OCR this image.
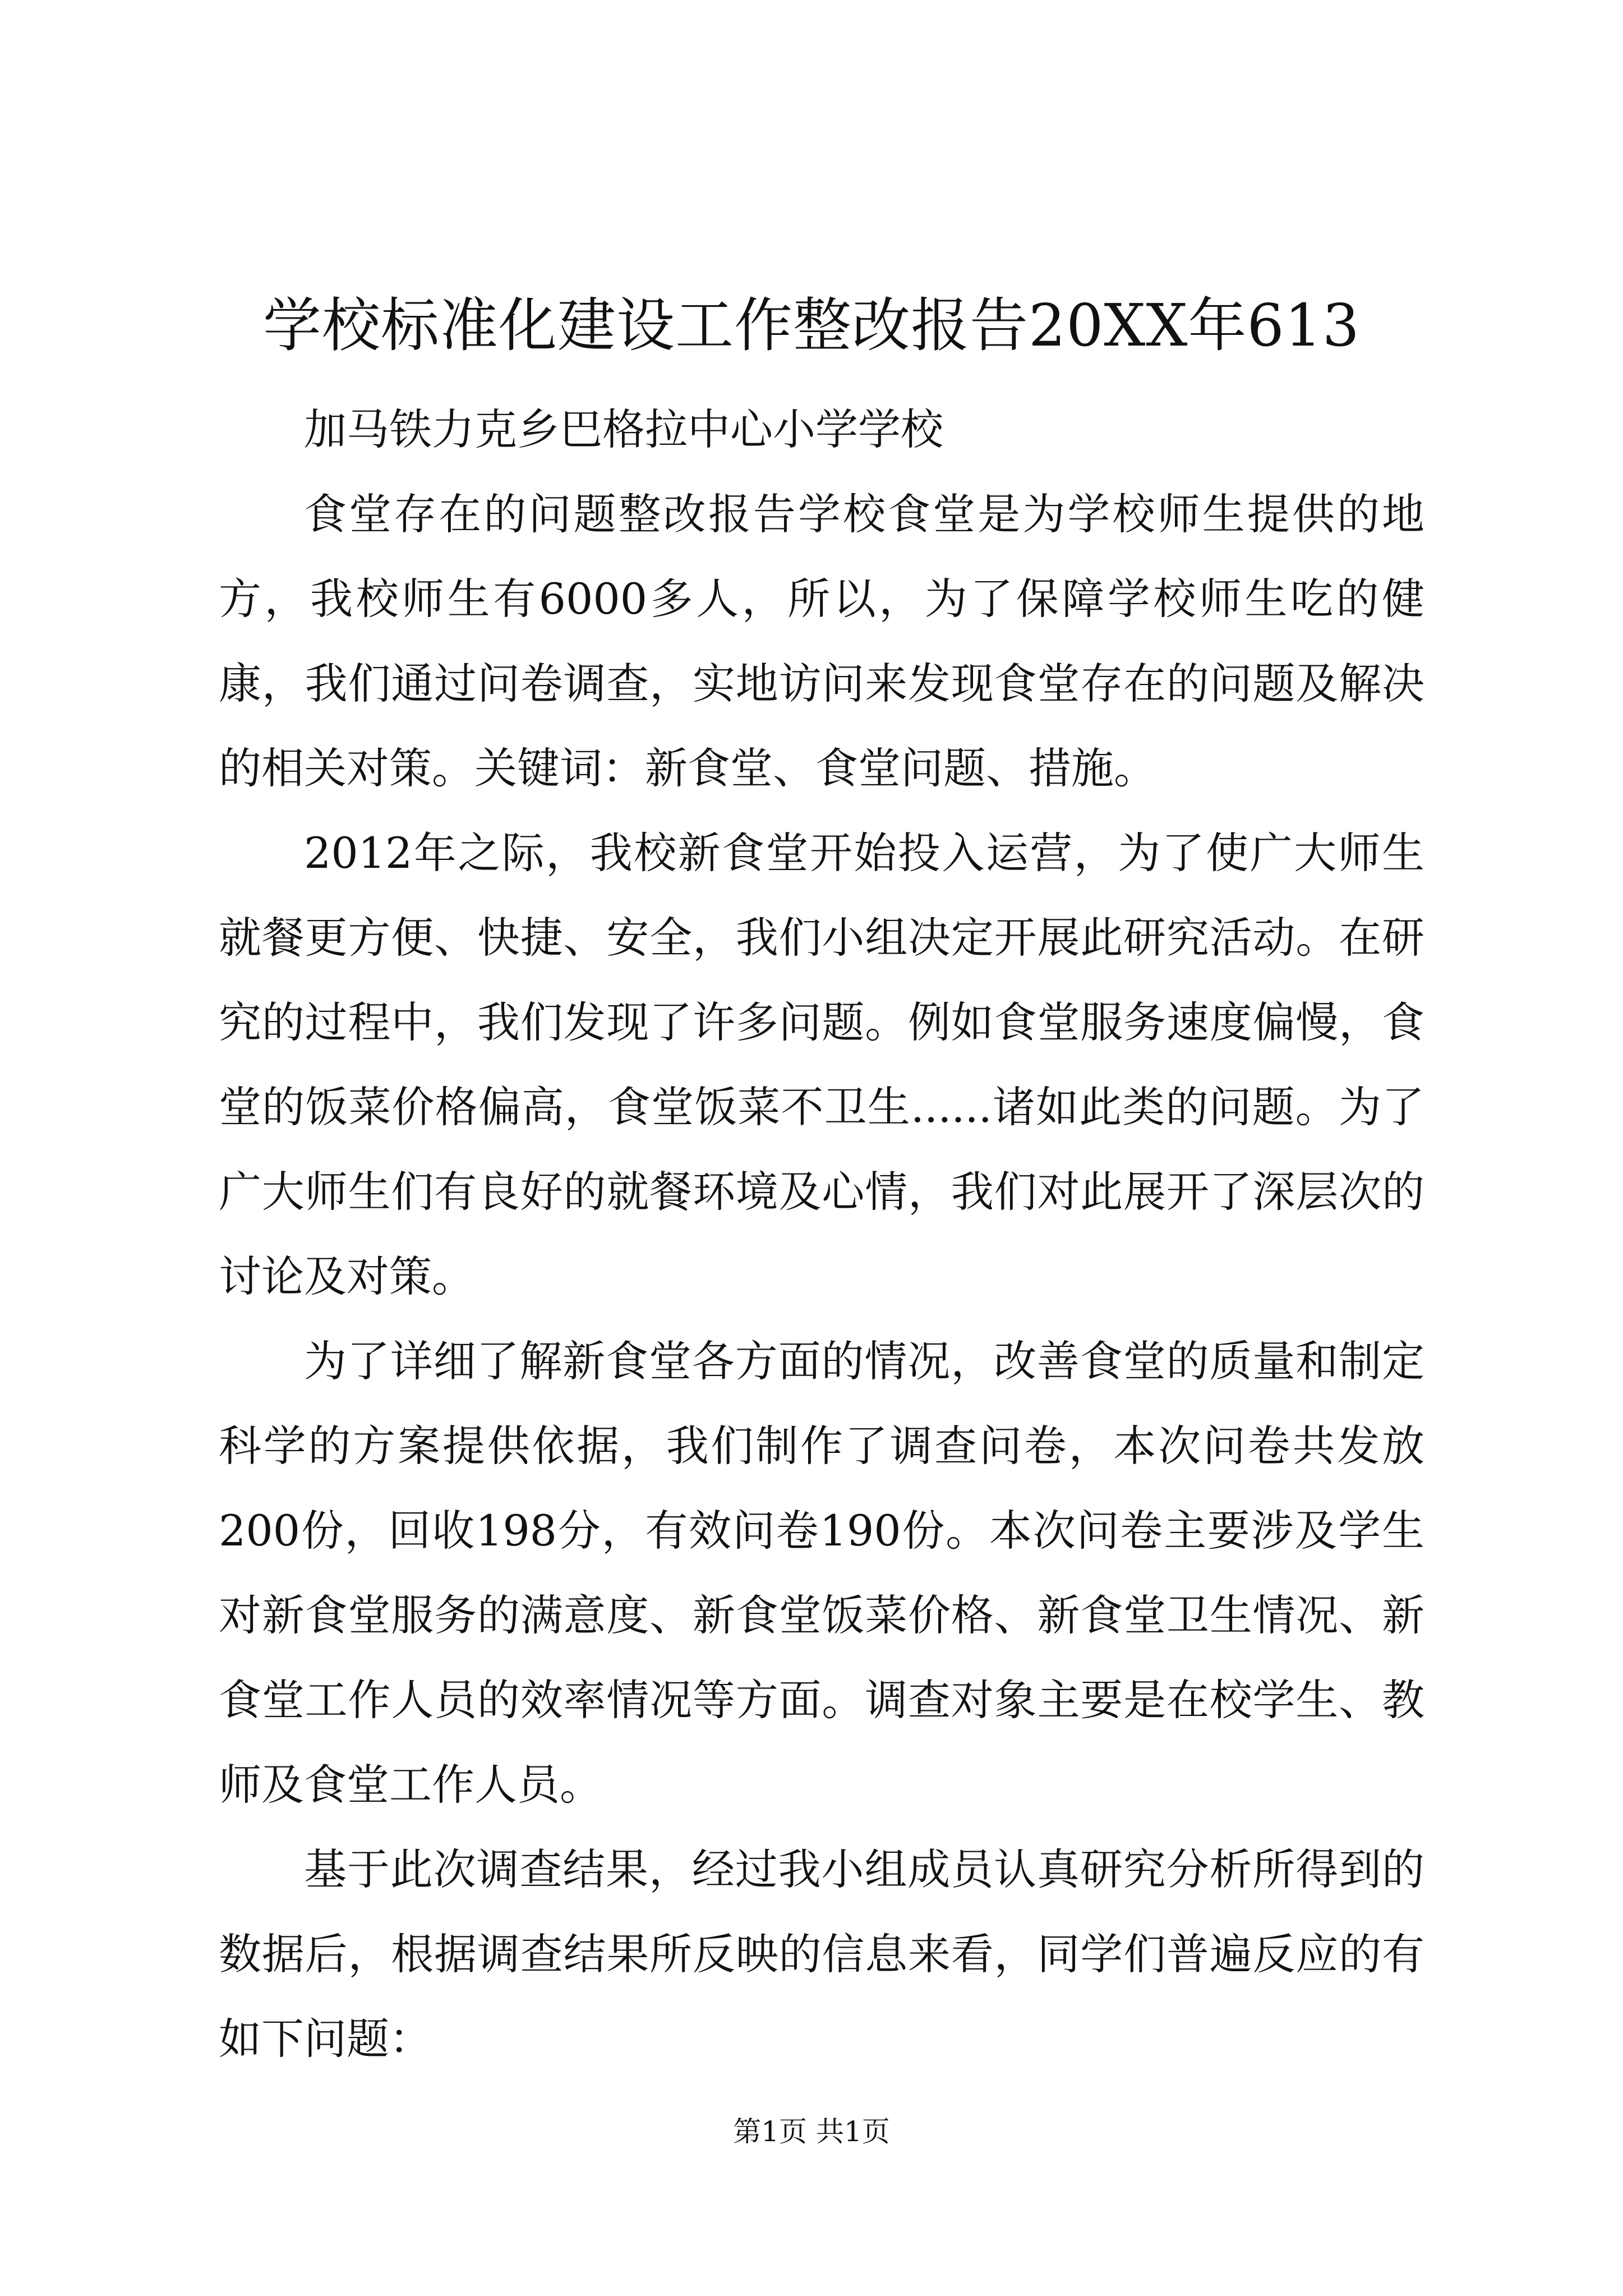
学校标准化建设工作整改报告20XX年613

加马铁力克乡巴格拉中心小学学校

食堂存在的问题整改报告学校食堂是为学校师生提供的地方，我校师生有6000多人，所以，为了保障学校师生吃的健康，我们通过问卷调查，实地访问来发现食堂存在的问题及解决的相关对策。关键词：新食堂、食堂问题、措施。

2012年之际，我校新食堂开始投入运营，为了使广大师生就餐更方便、快捷、安全，我们小组决定开展此研究活动。在研究的过程中，我们发现了许多问题。例如食堂服务速度偏慢，食堂的饭菜价格偏高，食堂饭菜不卫生......诸如此类的问题。为了广大师生们有良好的就餐环境及心情，我们对此展开了深层次的讨论及对策。

为了详细了解新食堂各方面的情况，改善食堂的质量和制定科学的方案提供依据，我们制作了调查问卷，本次问卷共发放200份，回收198分，有效问卷190份。本次问卷主要涉及学生对新食堂服务的满意度、新食堂饭菜价格、新食堂卫生情况、新食堂工作人员的效率情况等方面。调查对象主要是在校学生、教师及食堂工作人员。

基于此次调查结果，经过我小组成员认真研究分析所得到的数据后，根据调查结果所反映的信息来看，同学们普遍反应的有如下问题：

第1页 共1页
